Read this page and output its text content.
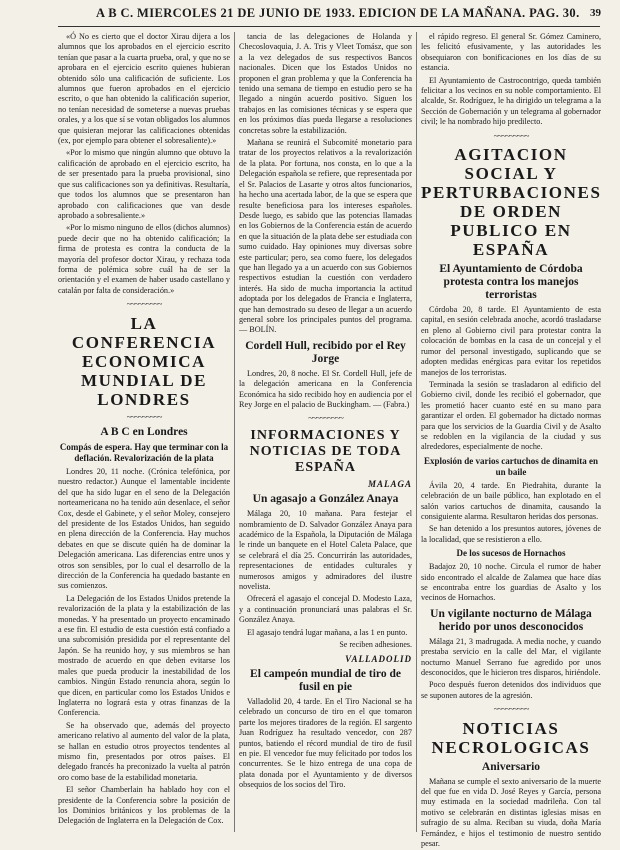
A B C. MIERCOLES 21 DE JUNIO DE 1933. EDICION DE LA MAÑANA. PAG. 30. 39

«Ó No es cierto que el doctor Xirau dijera a los alumnos que los aprobados en el ejercicio escrito tenían que pasar a la cuarta prueba, oral, y que no se aprobara en el ejercicio escrito quienes hubieran obtenido sólo una calificación de suficiente. Los alumnos que fueron aprobados en el ejercicio escrito, o que han obtenido la calificación superior, no tenían necesidad de someterse a nuevas pruebas orales, y a los que sí se votan obligados los alumnos que quisieran mejorar las calificaciones obtenidas (ex, por ejemplo para obtener el sobresaliente).»

«Por lo mismo que ningún alumno que obtuvo la calificación de aprobado en el ejercicio escrito, ha de ser presentado para la prueba provisional, sino que sus calificaciones son ya definitivas. Resultaría, que todos los alumnos que se presentaron han aprobado con calificaciones que van desde aprobado a sobresaliente.»

«Por lo mismo ninguno de ellos (dichos alumnos) puede decir que no ha obtenido calificación; la firma de protesta es contra la conducta de la mayoría del profesor doctor Xirau, y rechaza toda forma de polémica sobre cuál ha de ser la orientación y el examen de haber usado castellano y catalán por falta de consideración.»

~~~~~~~~~
LA CONFERENCIA ECONOMICA MUNDIAL DE LONDRES
~~~~~~~~~
A B C en Londres
Compás de espera. Hay que terminar con la deflación. Revalorización de la plata

Londres 20, 11 noche. (Crónica telefónica, por nuestro redactor.) Aunque el lamentable incidente del que ha sido lugar en el seno de la Delegación norteamericana no ha tenido aún desenlace, el señor Cox, desde el Gabinete, y el señor Moley, consejero del presidente de los Estados Unidos, han seguido en plena dirección de la Conferencia. Hay muchos debates en que se discute quién ha de dominar la Delegación americana. Las diferencias entre unos y otros son sensibles, por lo cual el desarrollo de la dirección de la Conferencia ha quedado bastante en sus comienzos.

La Delegación de los Estados Unidos pretende la revalorización de la plata y la estabilización de las monedas. Y ha presentado un proyecto encaminado a ese fin. El estudio de esta cuestión está confiado a una subcomisión presidida por el representante del Japón. Se ha reunido hoy, y sus miembros se han mostrado de acuerdo en que deben evitarse los males que pueda producir la inestabilidad de los cambios. Ningún Estado renuncia ahora, según lo que dicen, en particular como los Estados Unidos e Inglaterra no logrará esta y otras finanzas de la Conferencia.

Se ha observado que, además del proyecto americano relativo al aumento del valor de la plata, se hallan en estudio otros proyectos tendentes al mismo fin, presentados por otros países. El delegado francés ha preconizado la vuelta al patrón oro como base de la estabilidad monetaria.

El señor Chamberlain ha hablado hoy con el presidente de la Conferencia sobre la posición de los Dominios británicos y los problemas de la Delegación de Inglaterra en la Delegación de Cox.

tancia de las delegaciones de Holanda y Checoslovaquia, J. A. Tris y Vleet Tomász, que son a la vez delegados de sus respectivos Bancos nacionales. Dicen que los Estados Unidos no proponen el gran problema y que la Conferencia ha tenido una semana de tiempo en estudio pero se ha llegado a ningún acuerdo positivo. Siguen los trabajos en las comisiones técnicas y se espera que en los próximos días pueda llegarse a resoluciones concretas sobre la estabilización.

Mañana se reunirá el Subcomité monetario para tratar de los proyectos relativos a la revalorización de la plata. Por fortuna, nos consta, en lo que a la Delegación española se refiere, que representada por el Sr. Palacios de Lasarte y otros altos funcionarios, ha hecho una acertada labor, de la que se espera que resulte beneficiosa para los intereses españoles. Desde luego, es sabido que las potencias llamadas en los Gobiernos de la Conferencia están de acuerdo en que la situación de la plata debe ser estudiada con sumo cuidado. Hay opiniones muy diversas sobre este particular; pero, sea como fuere, los delegados que han llegado ya a un acuerdo con sus Gobiernos respectivos estudian la cuestión con verdadero interés. Ha sido de mucha importancia la actitud adoptada por los delegados de Francia e Inglaterra, que han demostrado su deseo de llegar a un acuerdo general sobre los principales puntos del programa. — BOLÍN.

Cordell Hull, recibido por el Rey Jorge

Londres, 20, 8 noche. El Sr. Cordell Hull, jefe de la delegación americana en la Conferencia Económica ha sido recibido hoy en audiencia por el Rey Jorge en el palacio de Buckingham. — (Fabra.)

~~~~~~~~~
INFORMACIONES Y NOTICIAS DE TODA ESPAÑA
MALAGA
Un agasajo a González Anaya

Málaga 20, 10 mañana. Para festejar el nombramiento de D. Salvador González Anaya para académico de la Española, la Diputación de Málaga le rinde un banquete en el Hotel Caleta Palace, que se celebrará el día 25. Concurrirán las autoridades, representaciones de entidades culturales y numerosos amigos y admiradores del ilustre novelista.

Ofrecerá el agasajo el concejal D. Modesto Laza, y a continuación pronunciará unas palabras el Sr. González Anaya.

El agasajo tendrá lugar mañana, a las 1 en punto.

Se reciben adhesiones.
VALLADOLID
El campeón mundial de tiro de fusil en pie

Valladolid 20, 4 tarde. En el Tiro Nacional se ha celebrado un concurso de tiro en el que tomaron parte los mejores tiradores de la región. El sargento Juan Rodríguez ha resultado vencedor, con 287 puntos, batiendo el récord mundial de tiro de fusil en pie. El vencedor fue muy felicitado por todos los concurrentes. Se le hizo entrega de una copa de plata donada por el Ayuntamiento y de diversos obsequios de los socios del Tiro.

el rápido regreso. El general Sr. Gómez Caminero, les felicitó efusivamente, y las autoridades les obsequiaron con bonificaciones en los días de su estancia.

El Ayuntamiento de Castrocontrigo, queda también felicitar a los vecinos en su noble comportamiento. El alcalde, Sr. Rodríguez, le ha dirigido un telegrama a la Sección de Gobernación y un telegrama al gobernador civil; le ha nombrado hijo predilecto.

~~~~~~~~~
AGITACION SOCIAL Y PERTURBACIONES DE ORDEN PUBLICO EN ESPAÑA
El Ayuntamiento de Córdoba protesta contra los manejos terroristas

Córdoba 20, 8 tarde. El Ayuntamiento de esta capital, en sesión celebrada anoche, acordó trasladarse en pleno al Gobierno civil para protestar contra la colocación de bombas en la casa de un concejal y el rumor del personal investigado, suplicando que se adopten medidas enérgicas para evitar los repetidos manejos de los terroristas.

Terminada la sesión se trasladaron al edificio del Gobierno civil, donde les recibió el gobernador, que les prometió hacer cuanto esté en su mano para garantizar el orden. El gobernador ha dictado normas para que los servicios de la Guardia Civil y de Asalto se redoblen en la vigilancia de la ciudad y sus alrededores, especialmente de noche.

Explosión de varios cartuchos de dinamita en un baile

Ávila 20, 4 tarde. En Piedrahita, durante la celebración de un baile público, han explotado en el salón varios cartuchos de dinamita, causando la consiguiente alarma. Resultaron heridas dos personas.

Se han detenido a los presuntos autores, jóvenes de la localidad, que se resistieron a ello.

De los sucesos de Hornachos

Badajoz 20, 10 noche. Circula el rumor de haber sido encontrado el alcalde de Zalamea que hace días se encontraba entre los guardias de Asalto y los vecinos de Hornachos.

Un vigilante nocturno de Málaga herido por unos desconocidos

Málaga 21, 3 madrugada. A media noche, y cuando prestaba servicio en la calle del Mar, el vigilante nocturno Manuel Serrano fue agredido por unos desconocidos, que le hicieron tres disparos, hiriéndole.

Poco después fueron detenidos dos individuos que se suponen autores de la agresión.

~~~~~~~~~
NOTICIAS NECROLOGICAS
Aniversario

Mañana se cumple el sexto aniversario de la muerte del que fue en vida D. José Reyes y García, persona muy estimada en la sociedad madrileña. Con tal motivo se celebrarán en distintas iglesias misas en sufragio de su alma. Reciban su viuda, doña María Fernández, e hijos el testimonio de nuestro sentido pesar.
